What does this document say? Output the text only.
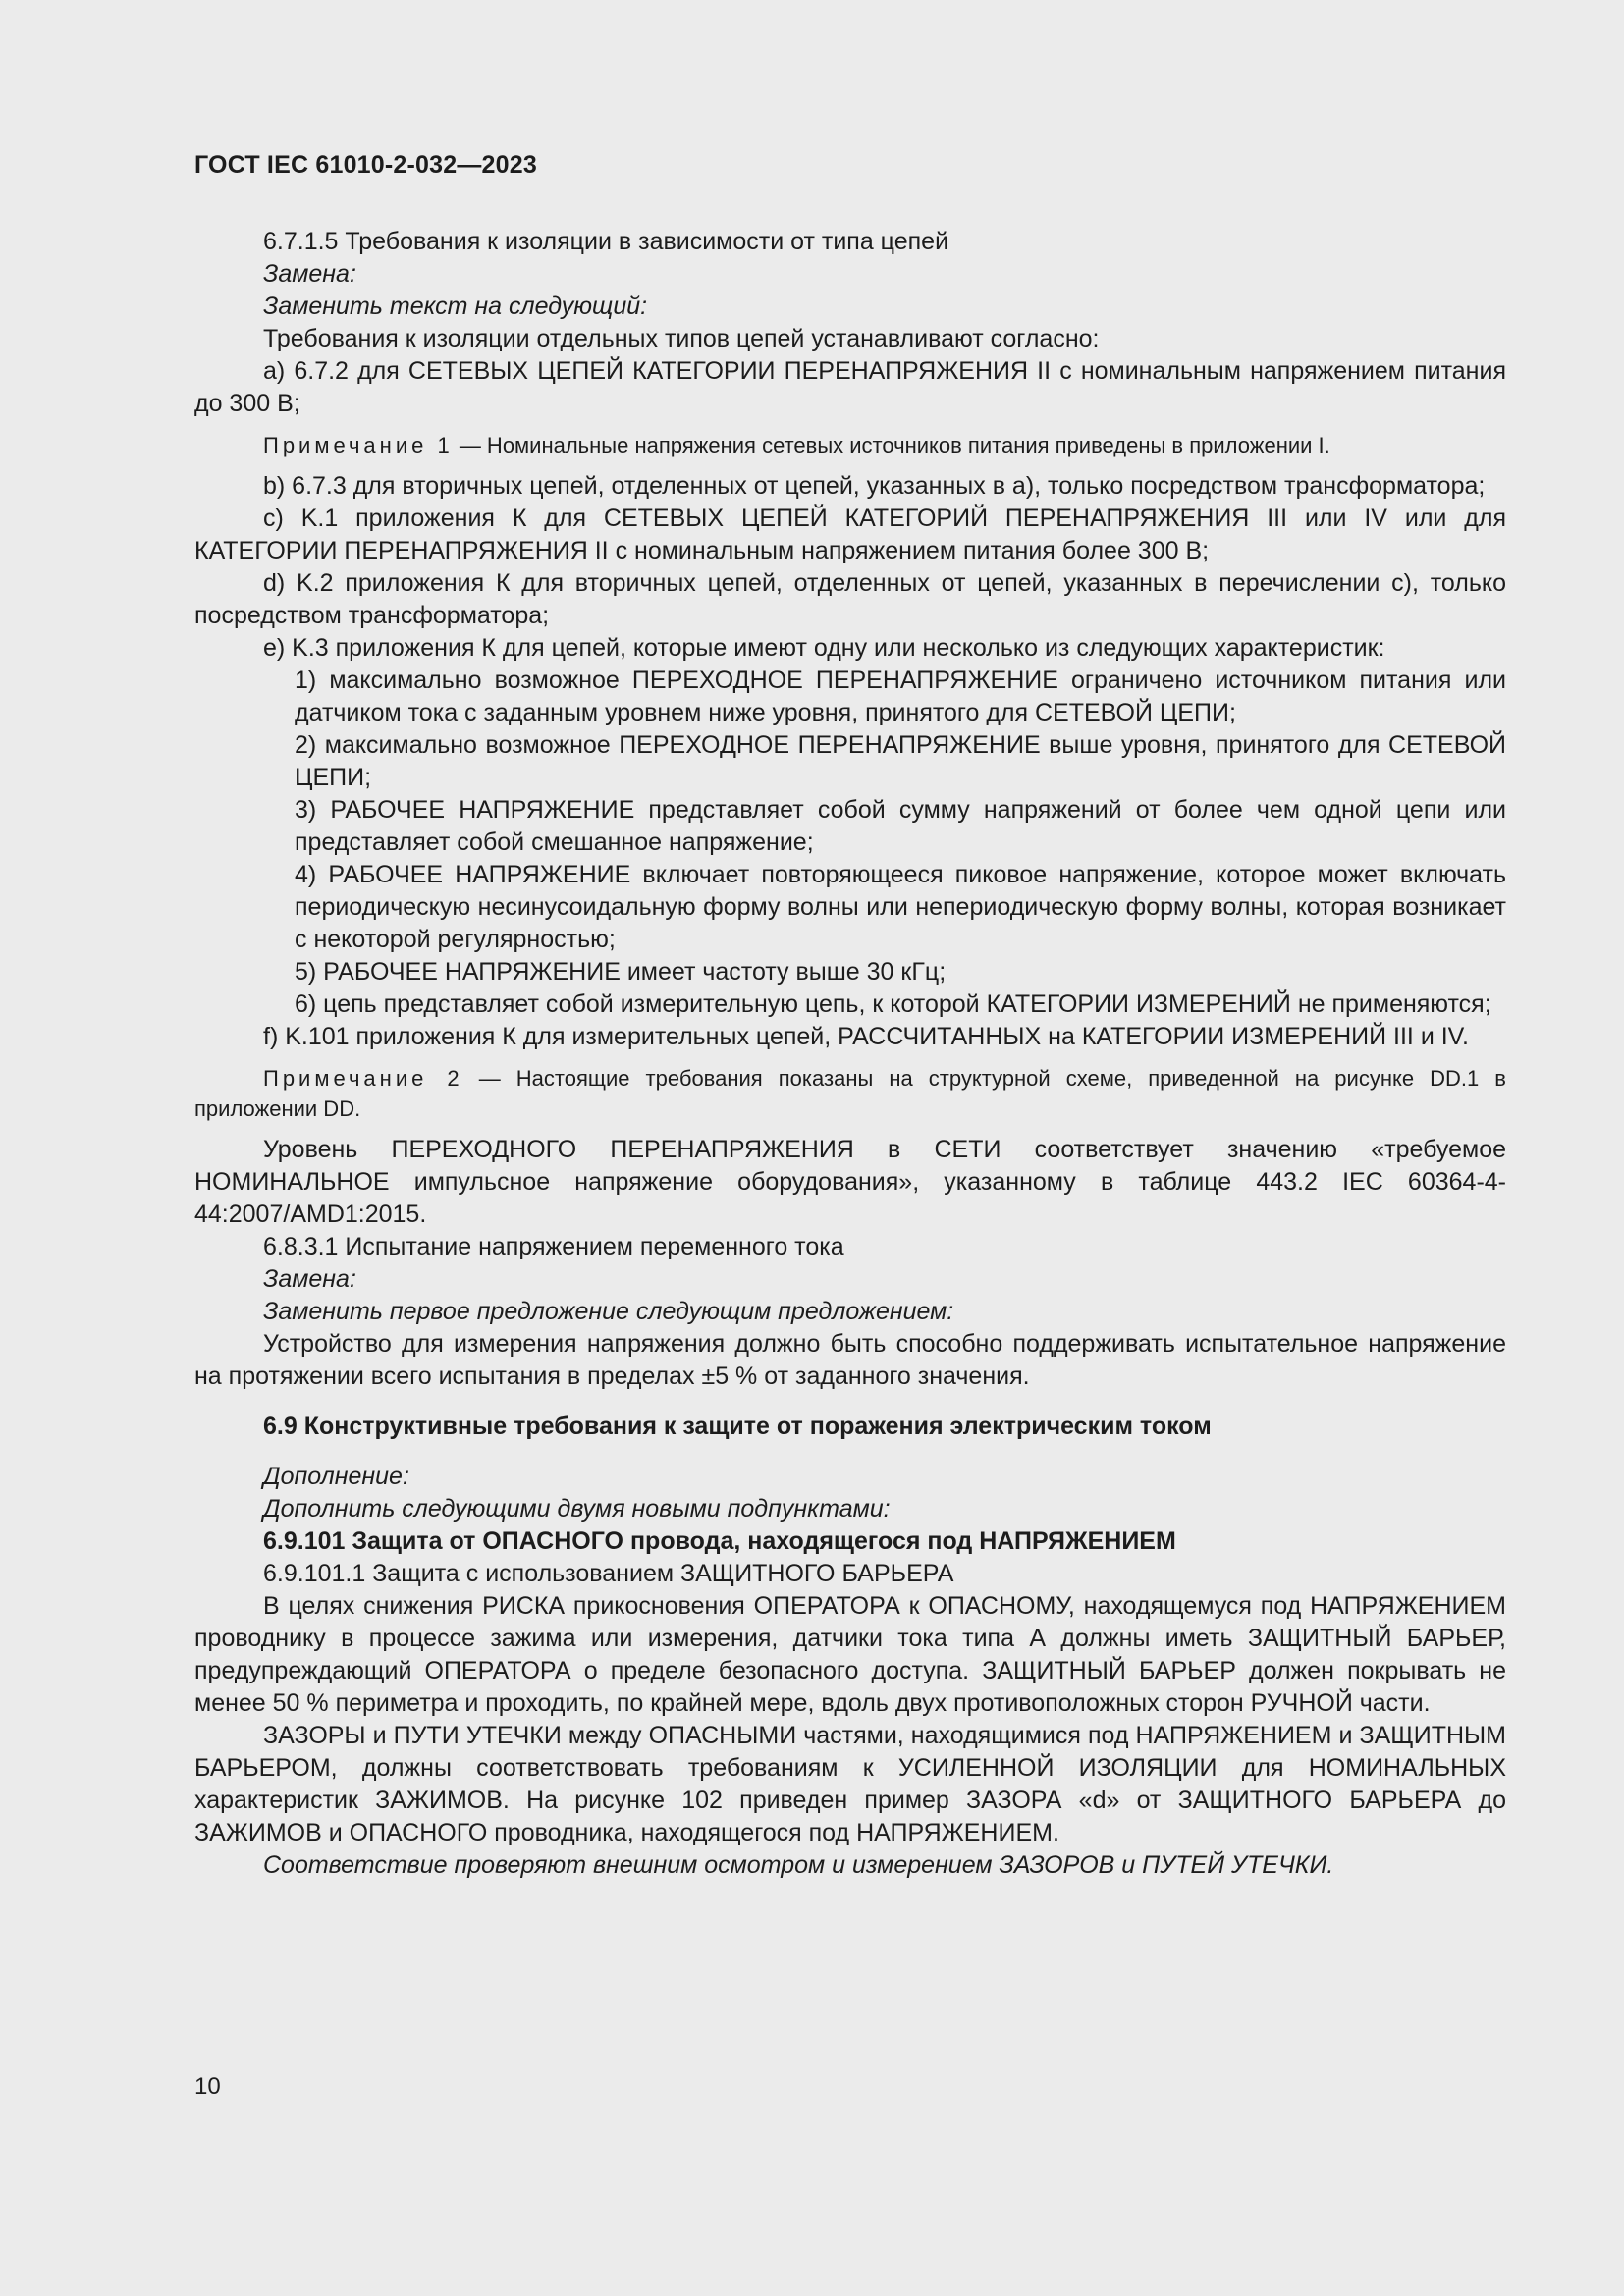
ГОСТ IEC 61010-2-032—2023

6.7.1.5 Требования к изоляции в зависимости от типа цепей

Замена:

Заменить текст на следующий:

Требования к изоляции отдельных типов цепей устанавливают согласно:

a) 6.7.2 для СЕТЕВЫХ ЦЕПЕЙ КАТЕГОРИИ ПЕРЕНАПРЯЖЕНИЯ II с номинальным напряжением питания до 300 В;

Примечание 1 — Номинальные напряжения сетевых источников питания приведены в приложении I.

b) 6.7.3 для вторичных цепей, отделенных от цепей, указанных в а), только посредством трансформатора;

c) K.1 приложения К для СЕТЕВЫХ ЦЕПЕЙ КАТЕГОРИЙ ПЕРЕНАПРЯЖЕНИЯ III или IV или для КАТЕГОРИИ ПЕРЕНАПРЯЖЕНИЯ II с номинальным напряжением питания более 300 В;

d) K.2 приложения К для вторичных цепей, отделенных от цепей, указанных в перечислении с), только посредством трансформатора;

e) K.3 приложения К для цепей, которые имеют одну или несколько из следующих характеристик:

1) максимально возможное ПЕРЕХОДНОЕ ПЕРЕНАПРЯЖЕНИЕ ограничено источником питания или датчиком тока с заданным уровнем ниже уровня, принятого для СЕТЕВОЙ ЦЕПИ;

2) максимально возможное ПЕРЕХОДНОЕ ПЕРЕНАПРЯЖЕНИЕ выше уровня, принятого для СЕТЕВОЙ ЦЕПИ;

3) РАБОЧЕЕ НАПРЯЖЕНИЕ представляет собой сумму напряжений от более чем одной цепи или представляет собой смешанное напряжение;

4) РАБОЧЕЕ НАПРЯЖЕНИЕ включает повторяющееся пиковое напряжение, которое может включать периодическую несинусоидальную форму волны или непериодическую форму волны, которая возникает с некоторой регулярностью;

5) РАБОЧЕЕ НАПРЯЖЕНИЕ имеет частоту выше 30 кГц;

6) цепь представляет собой измерительную цепь, к которой КАТЕГОРИИ ИЗМЕРЕНИЙ не применяются;

f) K.101 приложения К для измерительных цепей, РАССЧИТАННЫХ на КАТЕГОРИИ ИЗМЕРЕНИЙ III и IV.

Примечание 2 — Настоящие требования показаны на структурной схеме, приведенной на рисунке DD.1 в приложении DD.

Уровень ПЕРЕХОДНОГО ПЕРЕНАПРЯЖЕНИЯ в СЕТИ соответствует значению «требуемое НОМИНАЛЬНОЕ импульсное напряжение оборудования», указанному в таблице 443.2 IEC 60364-4-44:2007/AMD1:2015.

6.8.3.1 Испытание напряжением переменного тока

Замена:

Заменить первое предложение следующим предложением:

Устройство для измерения напряжения должно быть способно поддерживать испытательное напряжение на протяжении всего испытания в пределах ±5 % от заданного значения.

6.9 Конструктивные требования к защите от поражения электрическим током

Дополнение:

Дополнить следующими двумя новыми подпунктами:

6.9.101 Защита от ОПАСНОГО провода, находящегося под НАПРЯЖЕНИЕМ

6.9.101.1 Защита с использованием ЗАЩИТНОГО БАРЬЕРА

В целях снижения РИСКА прикосновения ОПЕРАТОРА к ОПАСНОМУ, находящемуся под НАПРЯЖЕНИЕМ проводнику в процессе зажима или измерения, датчики тока типа А должны иметь ЗАЩИТНЫЙ БАРЬЕР, предупреждающий ОПЕРАТОРА о пределе безопасного доступа. ЗАЩИТНЫЙ БАРЬЕР должен покрывать не менее 50 % периметра и проходить, по крайней мере, вдоль двух противоположных сторон РУЧНОЙ части.

ЗАЗОРЫ и ПУТИ УТЕЧКИ между ОПАСНЫМИ частями, находящимися под НАПРЯЖЕНИЕМ и ЗАЩИТНЫМ БАРЬЕРОМ, должны соответствовать требованиям к УСИЛЕННОЙ ИЗОЛЯЦИИ для НОМИНАЛЬНЫХ характеристик ЗАЖИМОВ. На рисунке 102 приведен пример ЗАЗОРА «d» от ЗАЩИТНОГО БАРЬЕРА до ЗАЖИМОВ и ОПАСНОГО проводника, находящегося под НАПРЯЖЕНИЕМ.

Соответствие проверяют внешним осмотром и измерением ЗАЗОРОВ и ПУТЕЙ УТЕЧКИ.

10
